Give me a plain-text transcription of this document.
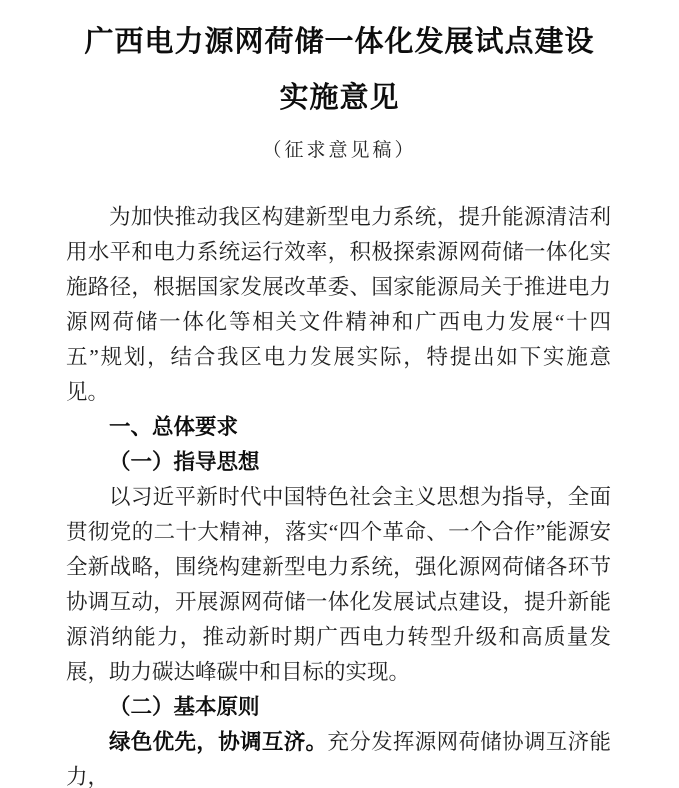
广西电力源网荷储一体化发展试点建设
实施意见
（征求意见稿）

为加快推动我区构建新型电力系统，提升能源清洁利用水平和电力系统运行效率，积极探索源网荷储一体化实施路径，根据国家发展改革委、国家能源局关于推进电力源网荷储一体化等相关文件精神和广西电力发展“十四五”规划，结合我区电力发展实际，特提出如下实施意见。

一、总体要求
（一）指导思想

以习近平新时代中国特色社会主义思想为指导，全面贯彻党的二十大精神，落实“四个革命、一个合作”能源安全新战略，围绕构建新型电力系统，强化源网荷储各环节协调互动，开展源网荷储一体化发展试点建设，提升新能源消纳能力，推动新时期广西电力转型升级和高质量发展，助力碳达峰碳中和目标的实现。

（二）基本原则

绿色优先，协调互济。充分发挥源网荷储协调互济能力，
